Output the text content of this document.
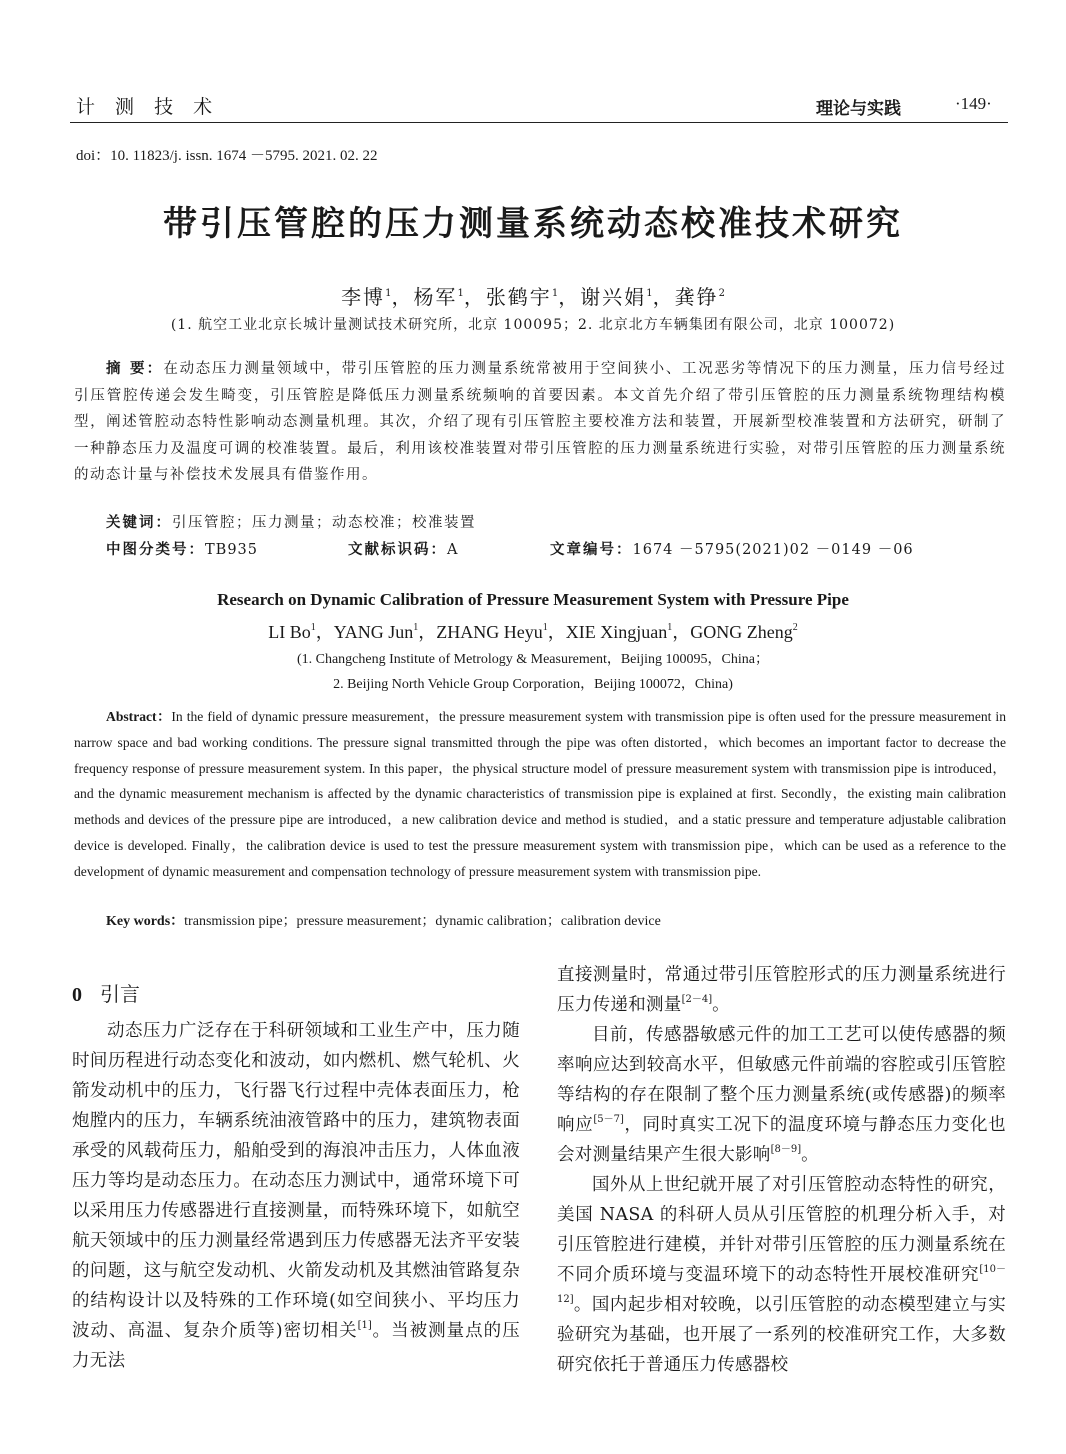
计 测 技 术	理论与实践	·149·
doi：10. 11823/j. issn. 1674 －5795. 2021. 02. 22
带引压管腔的压力测量系统动态校准技术研究
李博$^1$，杨军$^1$，张鹤宇$^1$，谢兴娟$^1$，龚铮$^2$
(1. 航空工业北京长城计量测试技术研究所，北京 100095；2. 北京北方车辆集团有限公司，北京 100072)
摘 要：在动态压力测量领域中，带引压管腔的压力测量系统常被用于空间狭小、工况恶劣等情况下的压力测量，压力信号经过引压管腔传递会发生畸变，引压管腔是降低压力测量系统频响的首要因素。本文首先介绍了带引压管腔的压力测量系统物理结构模型，阐述管腔动态特性影响动态测量机理。其次，介绍了现有引压管腔主要校准方法和装置，开展新型校准装置和方法研究，研制了一种静态压力及温度可调的校准装置。最后，利用该校准装置对带引压管腔的压力测量系统进行实验，对带引压管腔的压力测量系统的动态计量与补偿技术发展具有借鉴作用。
关键词：引压管腔；压力测量；动态校准；校准装置
中图分类号：TB935	文献标识码：A	文章编号：1674 －5795(2021)02 －0149 －06
Research on Dynamic Calibration of Pressure Measurement System with Pressure Pipe
LI Bo$^1$，YANG Jun$^1$，ZHANG Heyu$^1$，XIE Xingjuan$^1$，GONG Zheng$^2$
(1. Changcheng Institute of Metrology & Measurement，Beijing 100095，China；
2. Beijing North Vehicle Group Corporation，Beijing 100072，China)
Abstract：In the field of dynamic pressure measurement，the pressure measurement system with transmission pipe is often used for the pressure measurement in narrow space and bad working conditions. The pressure signal transmitted through the pipe was often distorted，which becomes an important factor to decrease the frequency response of pressure measurement system. In this paper，the physical structure model of pressure measurement system with transmission pipe is introduced，and the dynamic measurement mechanism is affected by the dynamic characteristics of transmission pipe is explained at first. Secondly，the existing main calibration methods and devices of the pressure pipe are introduced，a new calibration device and method is studied，and a static pressure and temperature adjustable calibration device is developed. Finally，the calibration device is used to test the pressure measurement system with transmission pipe，which can be used as a reference to the development of dynamic measurement and compensation technology of pressure measurement system with transmission pipe.
Key words：transmission pipe；pressure measurement；dynamic calibration；calibration device
0 引言

动态压力广泛存在于科研领域和工业生产中，压力随时间历程进行动态变化和波动，如内燃机、燃气轮机、火箭发动机中的压力，飞行器飞行过程中壳体表面压力，枪炮膛内的压力，车辆系统油液管路中的压力，建筑物表面承受的风载荷压力，船舶受到的海浪冲击压力，人体血液压力等均是动态压力。在动态压力测试中，通常环境下可以采用压力传感器进行直接测量，而特殊环境下，如航空航天领域中的压力测量经常遇到压力传感器无法齐平安装的问题，这与航空发动机、火箭发动机及其燃油管路复杂的结构设计以及特殊的工作环境(如空间狭小、平均压力波动、高温、复杂介质等)密切相关[1]。当被测量点的压力无法

直接测量时，常通过带引压管腔形式的压力测量系统进行压力传递和测量[2－4]。

目前，传感器敏感元件的加工工艺可以使传感器的频率响应达到较高水平，但敏感元件前端的容腔或引压管腔等结构的存在限制了整个压力测量系统(或传感器)的频率响应[5－7]，同时真实工况下的温度环境与静态压力变化也会对测量结果产生很大影响[8－9]。

国外从上世纪就开展了对引压管腔动态特性的研究，美国 NASA 的科研人员从引压管腔的机理分析入手，对引压管腔进行建模，并针对带引压管腔的压力测量系统在不同介质环境与变温环境下的动态特性开展校准研究[10－12]。国内起步相对较晚，以引压管腔的动态模型建立与实验研究为基础，也开展了一系列的校准研究工作，大多数研究依托于普通压力传感器校
